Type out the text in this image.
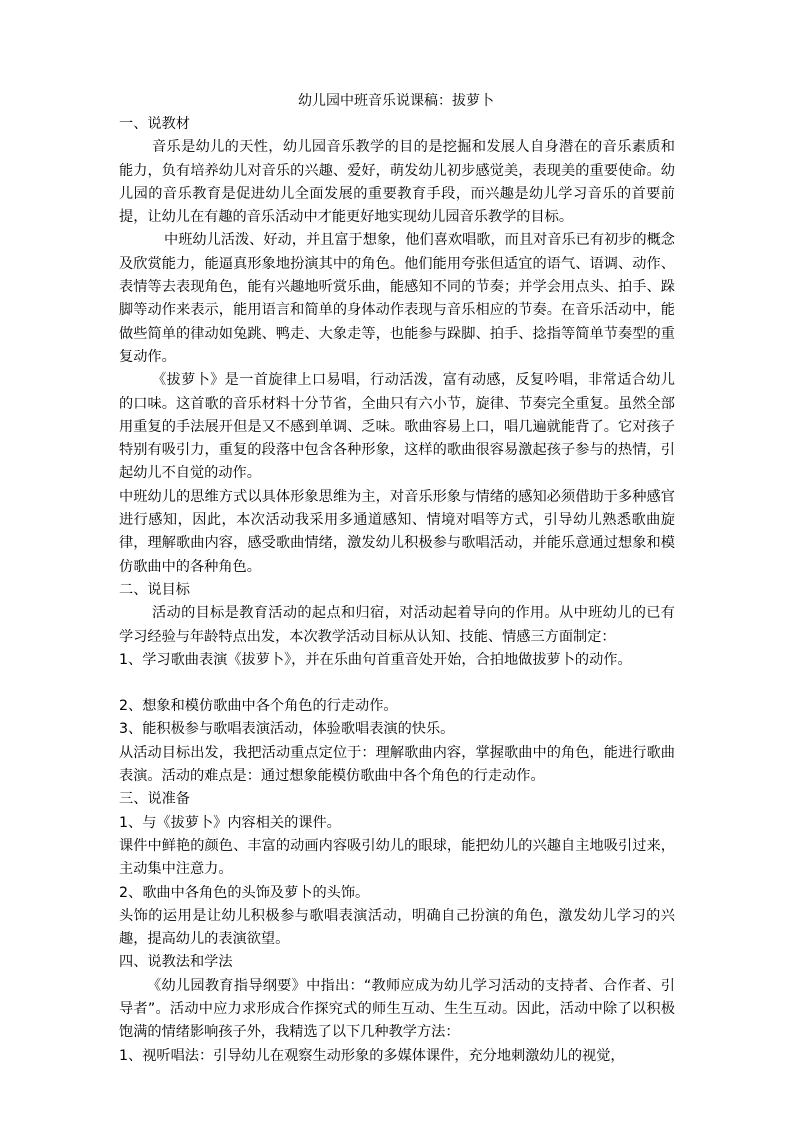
幼儿园中班音乐说课稿：拔萝卜

一、说教材

音乐是幼儿的天性，幼儿园音乐教学的目的是挖掘和发展人自身潜在的音乐素质和能力，负有培养幼儿对音乐的兴趣、爱好，萌发幼儿初步感觉美，表现美的重要使命。幼儿园的音乐教育是促进幼儿全面发展的重要教育手段，而兴趣是幼儿学习音乐的首要前提，让幼儿在有趣的音乐活动中才能更好地实现幼儿园音乐教学的目标。

中班幼儿活泼、好动，并且富于想象，他们喜欢唱歌，而且对音乐已有初步的概念及欣赏能力，能逼真形象地扮演其中的角色。他们能用夸张但适宜的语气、语调、动作、表情等去表现角色，能有兴趣地听赏乐曲，能感知不同的节奏；并学会用点头、拍手、跺脚等动作来表示，能用语言和简单的身体动作表现与音乐相应的节奏。在音乐活动中，能做些简单的律动如兔跳、鸭走、大象走等，也能参与跺脚、拍手、捻指等简单节奏型的重复动作。

《拔萝卜》是一首旋律上口易唱，行动活泼，富有动感，反复吟唱，非常适合幼儿的口味。这首歌的音乐材料十分节省，全曲只有六小节，旋律、节奏完全重复。虽然全部用重复的手法展开但是又不感到单调、乏味。歌曲容易上口，唱几遍就能背了。它对孩子特别有吸引力，重复的段落中包含各种形象，这样的歌曲很容易激起孩子参与的热情，引起幼儿不自觉的动作。

中班幼儿的思维方式以具体形象思维为主，对音乐形象与情绪的感知必须借助于多种感官进行感知，因此，本次活动我采用多通道感知、情境对唱等方式，引导幼儿熟悉歌曲旋律，理解歌曲内容，感受歌曲情绪，激发幼儿积极参与歌唱活动，并能乐意通过想象和模仿歌曲中的各种角色。

二、说目标

活动的目标是教育活动的起点和归宿，对活动起着导向的作用。从中班幼儿的已有学习经验与年龄特点出发，本次教学活动目标从认知、技能、情感三方面制定：

1、学习歌曲表演《拔萝卜》，并在乐曲句首重音处开始，合拍地做拔萝卜的动作。

2、想象和模仿歌曲中各个角色的行走动作。

3、能积极参与歌唱表演活动，体验歌唱表演的快乐。

从活动目标出发，我把活动重点定位于：理解歌曲内容，掌握歌曲中的角色，能进行歌曲表演。活动的难点是：通过想象能模仿歌曲中各个角色的行走动作。

三、说准备

1、与《拔萝卜》内容相关的课件。

课件中鲜艳的颜色、丰富的动画内容吸引幼儿的眼球，能把幼儿的兴趣自主地吸引过来，主动集中注意力。

2、歌曲中各角色的头饰及萝卜的头饰。

头饰的运用是让幼儿积极参与歌唱表演活动，明确自己扮演的角色，激发幼儿学习的兴趣，提高幼儿的表演欲望。

四、说教法和学法

《幼儿园教育指导纲要》中指出：“教师应成为幼儿学习活动的支持者、合作者、引导者”。活动中应力求形成合作探究式的师生互动、生生互动。因此，活动中除了以积极饱满的情绪影响孩子外，我精选了以下几种教学方法：

1、视听唱法：引导幼儿在观察生动形象的多媒体课件，充分地刺激幼儿的视觉，
